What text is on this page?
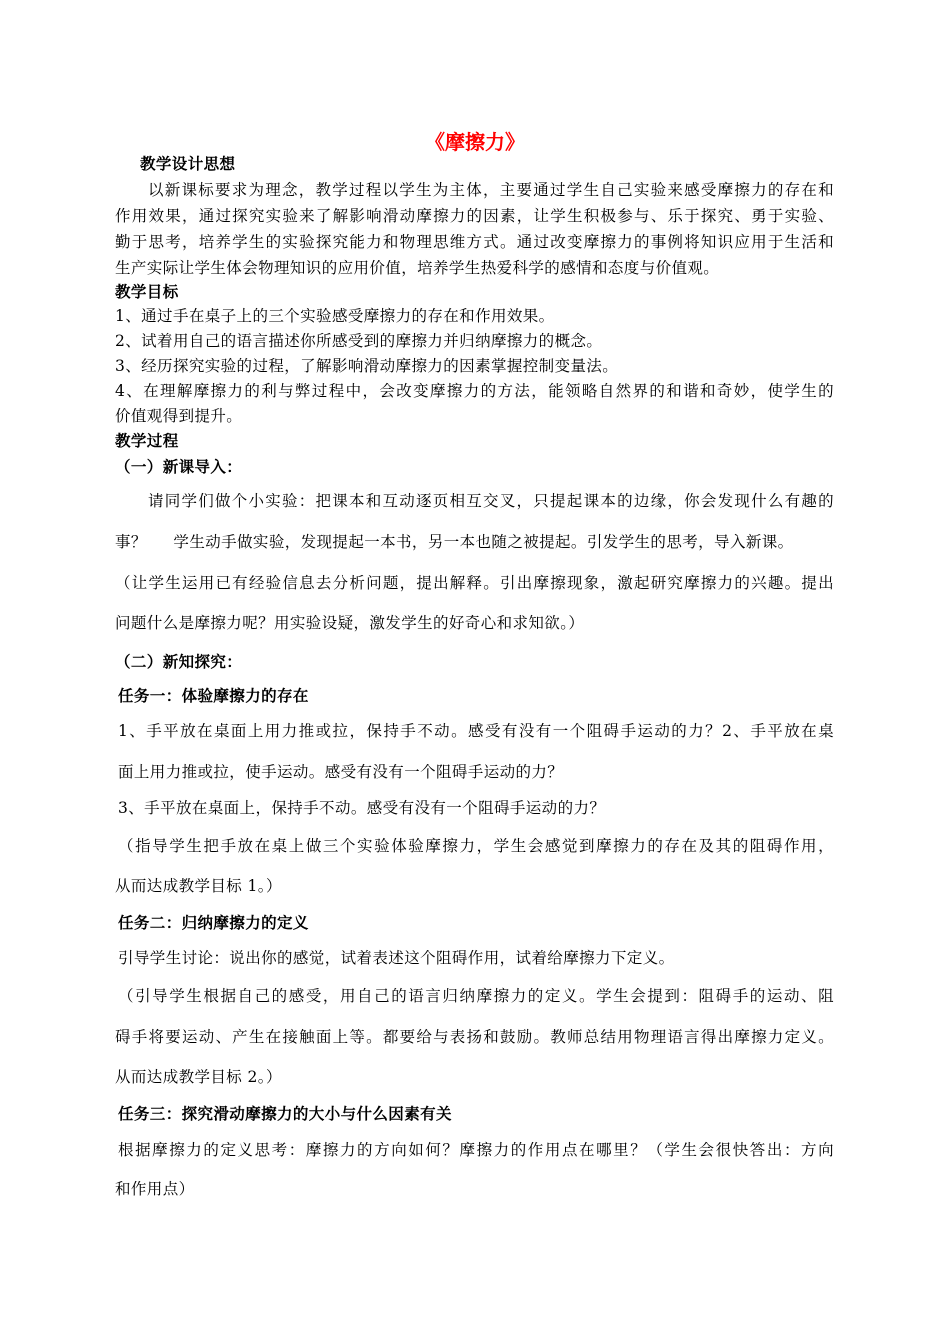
《摩擦力》
教学设计思想
以新课标要求为理念，教学过程以学生为主体，主要通过学生自己实验来感受摩擦力的存在和
作用效果，通过探究实验来了解影响滑动摩擦力的因素，让学生积极参与、乐于探究、勇于实验、
勤于思考，培养学生的实验探究能力和物理思维方式。通过改变摩擦力的事例将知识应用于生活和
生产实际让学生体会物理知识的应用价值，培养学生热爱科学的感情和态度与价值观。
教学目标
1、通过手在桌子上的三个实验感受摩擦力的存在和作用效果。
2、试着用自己的语言描述你所感受到的摩擦力并归纳摩擦力的概念。
3、经历探究实验的过程，了解影响滑动摩擦力的因素掌握控制变量法。
4、在理解摩擦力的利与弊过程中，会改变摩擦力的方法，能领略自然界的和谐和奇妙，使学生的
价值观得到提升。
教学过程
（一）新课导入：
请同学们做个小实验：把课本和互动逐页相互交叉，只提起课本的边缘，你会发现什么有趣的
事？     学生动手做实验，发现提起一本书，另一本也随之被提起。引发学生的思考，导入新课。
（让学生运用已有经验信息去分析问题，提出解释。引出摩擦现象，激起研究摩擦力的兴趣。提出
问题什么是摩擦力呢？用实验设疑，激发学生的好奇心和求知欲。）
（二）新知探究：
任务一：体验摩擦力的存在
1、手平放在桌面上用力推或拉，保持手不动。感受有没有一个阻碍手运动的力？2、手平放在桌
面上用力推或拉，使手运动。感受有没有一个阻碍手运动的力？
3、手平放在桌面上，保持手不动。感受有没有一个阻碍手运动的力？
（指导学生把手放在桌上做三个实验体验摩擦力，学生会感觉到摩擦力的存在及其的阻碍作用，
从而达成教学目标 1。）
任务二：归纳摩擦力的定义
引导学生讨论：说出你的感觉，试着表述这个阻碍作用，试着给摩擦力下定义。
（引导学生根据自己的感受，用自己的语言归纳摩擦力的定义。学生会提到：阻碍手的运动、阻
碍手将要运动、产生在接触面上等。都要给与表扬和鼓励。教师总结用物理语言得出摩擦力定义。
从而达成教学目标 2。）
任务三：探究滑动摩擦力的大小与什么因素有关
根据摩擦力的定义思考：摩擦力的方向如何？摩擦力的作用点在哪里？（学生会很快答出：方向
和作用点）
